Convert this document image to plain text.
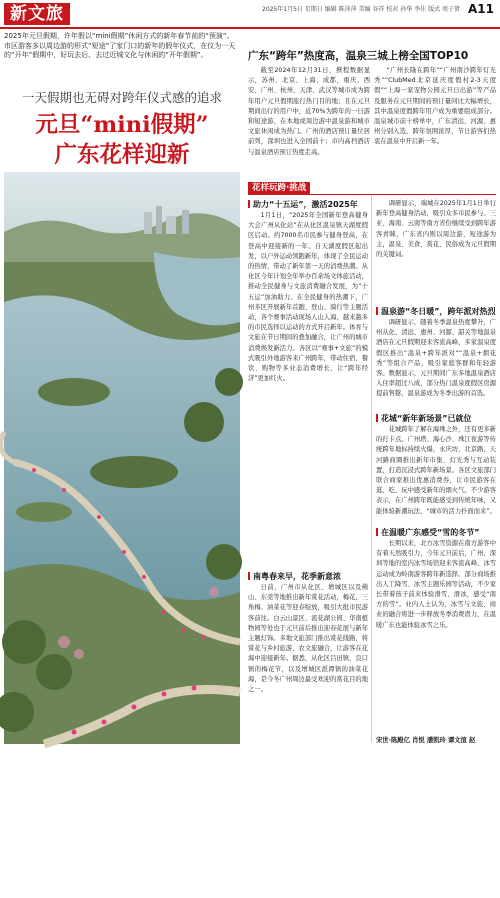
新文旅	2025年1月5日 星期日 编辑 陈萍萍 美编 谷祥 校对 孙华 李佳 版式 周子贤 A11
2025年元旦假期，许年假以“mini假期”休闲方式的新年春节前的“预演”。市区游客多以周边游的形式“短途”了家门口的新年的假年仪式，在仪为一天的“开年”假期中，好玩去后、去过近城文化与休闲的“开年假期”。
一天假期也无碍对跨年仪式感的追求
元旦“mini假期”
广东花样迎新
新年第一天，2025惠州马拉松赛道在湖畔吸引路跑爱好者和市民游客参与跨年活动。
广东“跨年”热度高，温泉三城上榜全国TOP10

截至2024年12月31日，携程数据显示，苏州、北京、上海、成都、重庆、西安、广州、杭州、天津、武汉等城市成为跨年用户元旦假期旅行热门目的地；且在元旦期间出行的用户中，近70%为跨年的一日游和短途游，在本地或周边游中温泉游和城市文旅休闲成为热门。广州的酒店预订量位居前列，深圳也进入全国前十；市内高档酒店与温泉酒店预订热度走高。

“广州长隆在跨年”“广州南沙跨年灯光秀”“ClubMed北京延庆度假村2-3天度假”“上海一家宠物公园元旦日出游”等产品及服务在元旦期间的预订量同比大幅增长，其中温泉度假跨年用户成为重要组成部分。温泉城市前十榜单中，广东清远、河源、惠州分别入选，跨年氛围浓厚，节日游客们热衷在温泉中开启新一年。

花样玩跨·挑战
助力“十五运”，激活2025年

1月1日，“2025年全国新年登高健身大会广州从化站”在从化区温泉镇天湖度假区启动。约7000名市民参与健身登高，在登高中迎接新的一年。自天湖度假区起出发，以户外运动领跑新年，体现了全民运动的热情，带动了新年第一天的消费热潮。从化区今年计划全年举办百余场文体旅活动，推动全民健身与文旅消费融合发展，为“十五运”加油助力。在全民健身的热潮下，广州多区开展新年首跑、登山、骑行等主题活动，各个赛事活动现场人山人海，越来越多的市民选择以运动的方式开启新年。体育与文旅在节日期间的叠加融合，让广州的城市消费焕发新活力。各区以“赛事+文旅”的模式吸引外地游客来广州跨年，带动住宿、餐饮、购物等多业态消费增长，让“跨年经济”更加红火。

南粤春来早，花季新意浓

日前，广州市从化区、增城区以及佛山、东莞等地推出新年赏花活动，梅花、三角梅、油菜花等迎春绽放，吸引大批市民游客前往。白云山景区、流花湖公园、华南植物园等处也于元旦前后推出迎春花展与新年主题灯饰。多地文旅部门推出赏花线路，将赏花与乡村旅游、农文旅融合，让游客在花海中迎接新年。据悉，从化区吕田镇、良口镇的梅花节，以及增城区派潭镇的油菜花海，是今冬广州周边最受欢迎的赏花目的地之一。

调研显示，端城在2025年1月1日举行新年登高健身活动，吸引众多市民参与。三亚、海南、云南等南方省份继续受到跨年游客青睐，广东省内则以周边游、短途游为主，温泉、美食、赏花、民俗成为元旦假期的关键词。

温泉游“冬日暖”，跨年派对热烈

调研显示，随着冬季温泉热度攀升，广州从化、清远、惠州、河源、韶关等地温泉酒店在元旦假期迎来客流高峰，多家温泉度假区推出“温泉+跨年派对”“温泉+烟花秀”等组合产品，吸引家庭客群和年轻游客。数据显示，元旦期间广东多地温泉酒店入住率超过八成，部分热门温泉度假区房源提前售罄，温泉游成为冬季出游的首选。

花城“新年新场景”已就位

花城跨年了解在海珠之外，还有更多新的打卡点。广州塔、海心沙、珠江夜游等传统跨年地标持续火爆，永庆坊、北京路、天河路商圈推出新年市集、灯光秀与互动装置，打造沉浸式跨年新场景。各区文旅部门联合商家推出优惠消费券，让市民游客在逛、吃、玩中感受新年的烟火气。不少游客表示，在广州跨年既能感受到传统年味，又能体验新潮玩法，“城市的活力扑面而来”。

在温暖广东感受“雪的冬节”

长期以来，北方冰雪资源在南方游客中有着天然吸引力，今年元旦前后，广州、深圳等地的室内冰雪场馆迎来客流高峰，冰雪运动成为岭南游客跨年新选择。部分商场推出人工降雪、冰雪主题乐园等活动，不少家长带着孩子前来体验滑雪、滑冰，感受“南方的雪”。业内人士认为，冰雪与文旅、商业的融合将进一步释放冬季消费潜力，在温暖广东也能体验冰雪之乐。

宋世·陈殿亿 肖悦 潘凯玲 谭文渲 赵
